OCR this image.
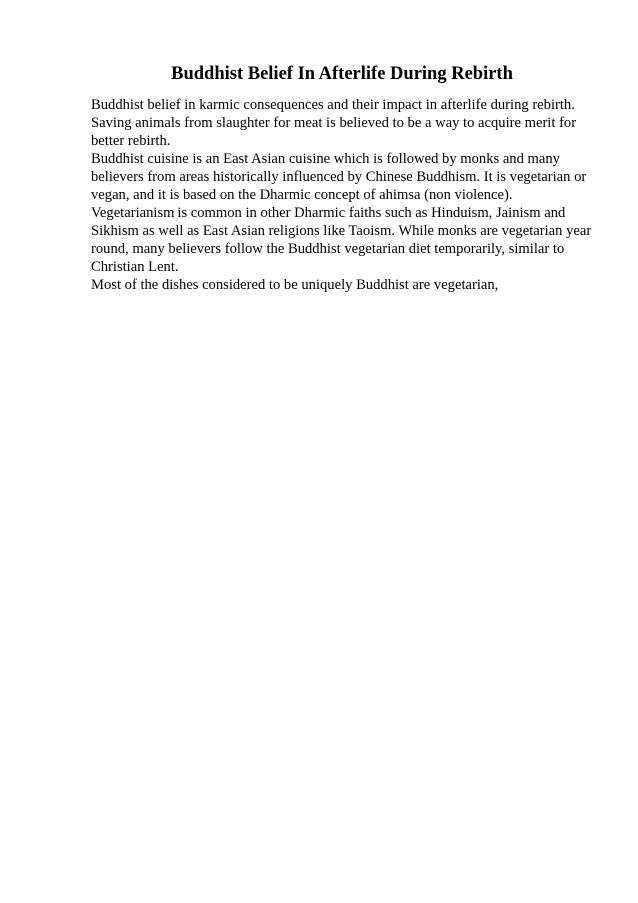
Buddhist Belief In Afterlife During Rebirth
Buddhist belief in karmic consequences and their impact in afterlife during rebirth.
Saving animals from slaughter for meat is believed to be a way to acquire merit for
better rebirth.
Buddhist cuisine is an East Asian cuisine which is followed by monks and many
believers from areas historically influenced by Chinese Buddhism. It is vegetarian or
vegan, and it is based on the Dharmic concept of ahimsa (non violence).
Vegetarianism is common in other Dharmic faiths such as Hinduism, Jainism and
Sikhism as well as East Asian religions like Taoism. While monks are vegetarian year
round, many believers follow the Buddhist vegetarian diet temporarily, similar to
Christian Lent.
Most of the dishes considered to be uniquely Buddhist are vegetarian,
